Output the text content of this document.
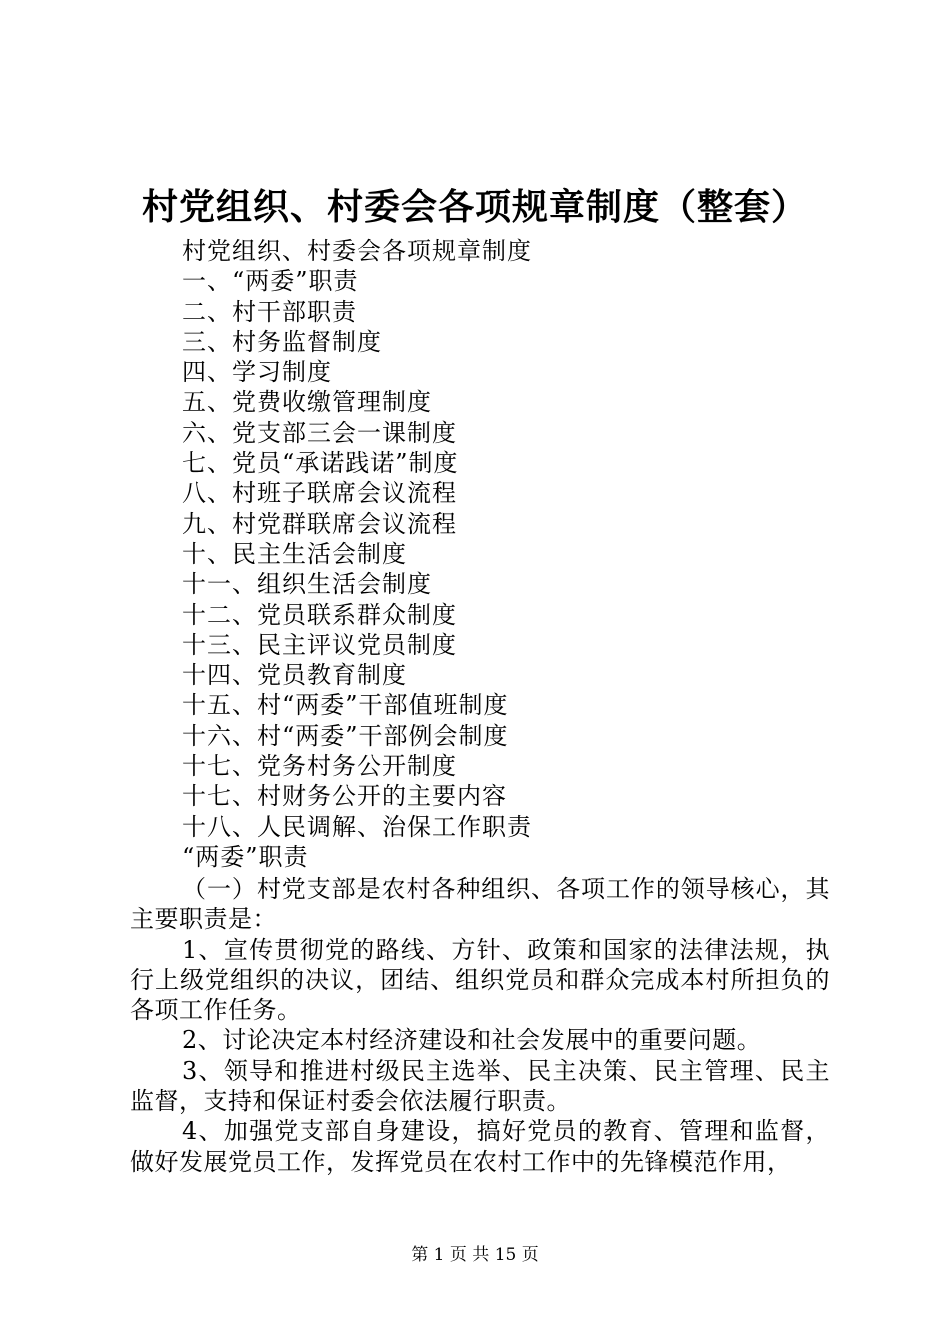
村党组织、村委会各项规章制度（整套）
村党组织、村委会各项规章制度
一、“两委”职责
二、村干部职责
三、村务监督制度
四、学习制度
五、党费收缴管理制度
六、党支部三会一课制度
七、党员“承诺践诺”制度
八、村班子联席会议流程
九、村党群联席会议流程
十、民主生活会制度
十一、组织生活会制度
十二、党员联系群众制度
十三、民主评议党员制度
十四、党员教育制度
十五、村“两委”干部值班制度
十六、村“两委”干部例会制度
十七、党务村务公开制度
十七、村财务公开的主要内容
十八、人民调解、治保工作职责
“两委”职责

（一）村党支部是农村各种组织、各项工作的领导核心，其主要职责是：

1、宣传贯彻党的路线、方针、政策和国家的法律法规，执行上级党组织的决议，团结、组织党员和群众完成本村所担负的各项工作任务。

2、讨论决定本村经济建设和社会发展中的重要问题。

3、领导和推进村级民主选举、民主决策、民主管理、民主监督，支持和保证村委会依法履行职责。

4、加强党支部自身建设，搞好党员的教育、管理和监督，做好发展党员工作，发挥党员在农村工作中的先锋模范作用，

第 1 页 共 15 页
